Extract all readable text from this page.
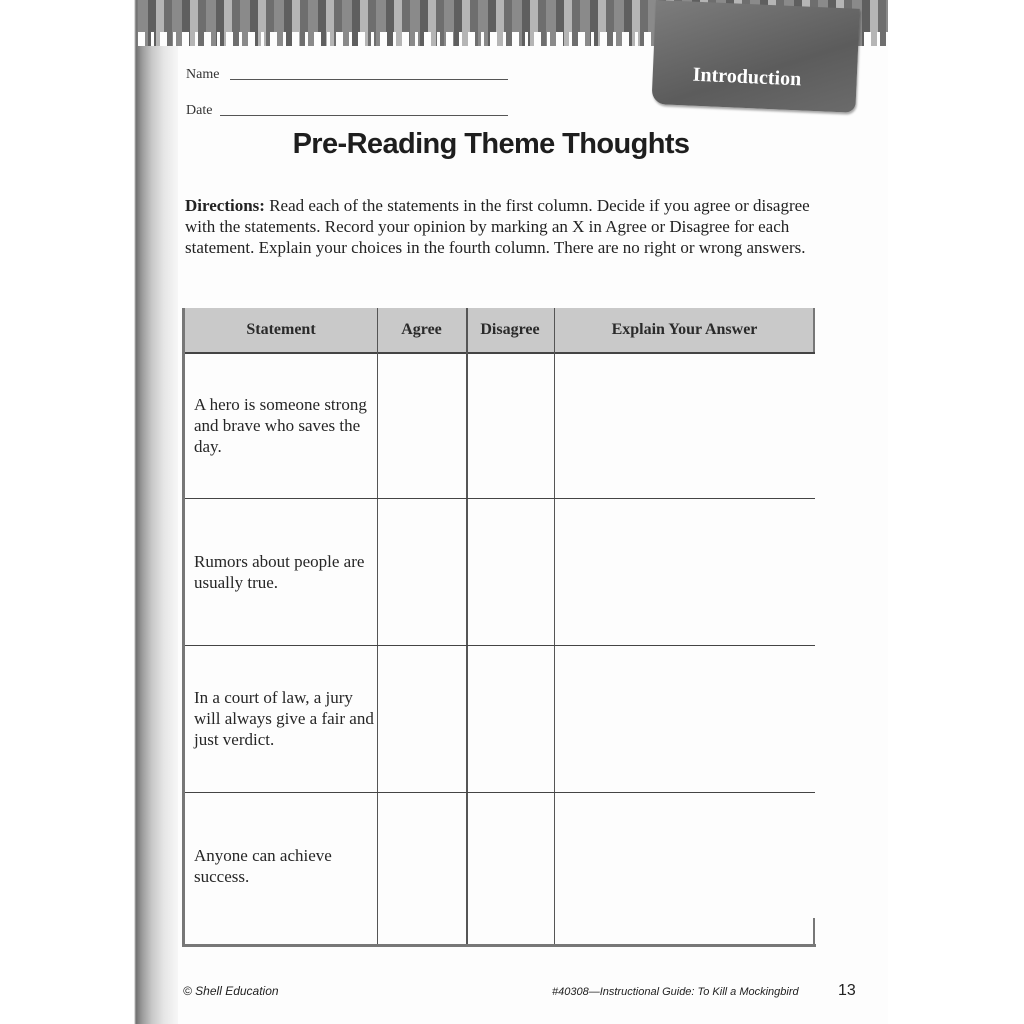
Introduction
Name
Date
Pre-Reading Theme Thoughts
Directions: Read each of the statements in the first column. Decide if you agree or disagree with the statements. Record your opinion by marking an X in Agree or Disagree for each statement. Explain your choices in the fourth column. There are no right or wrong answers.
Statement	Agree	Disagree	Explain Your Answer
A hero is someone strong and brave who saves the day.
Rumors about people are usually true.
In a court of law, a jury will always give a fair and just verdict.
Anyone can achieve success.
© Shell Education	#40308—Instructional Guide: To Kill a Mockingbird 13
